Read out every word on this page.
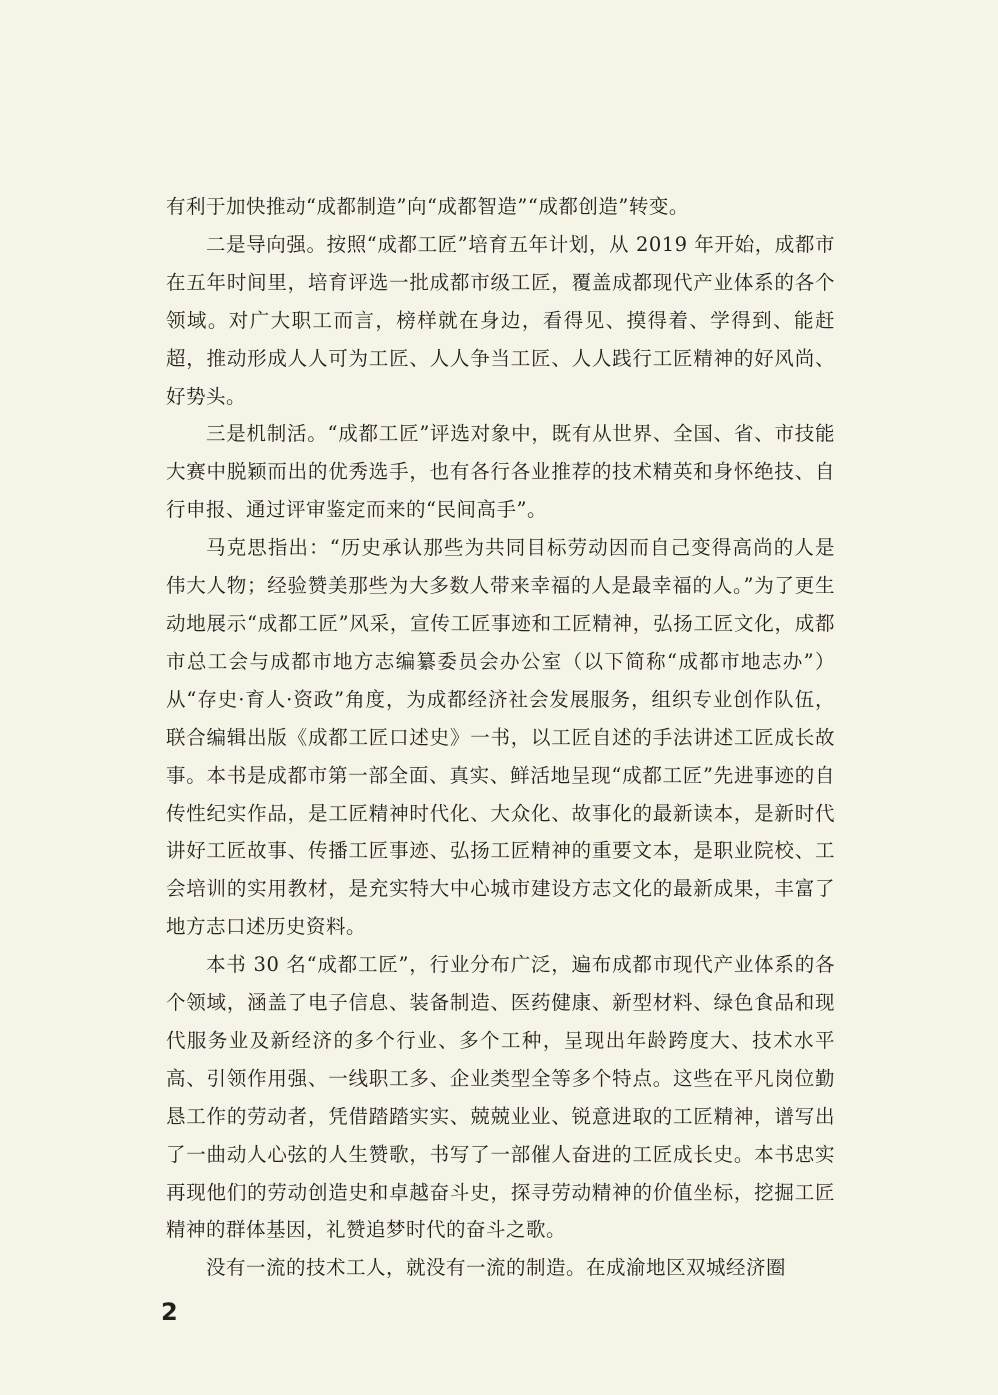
有利于加快推动“成都制造”向“成都智造”“成都创造”转变。

二是导向强。按照“成都工匠”培育五年计划，从 2019 年开始，成都市在五年时间里，培育评选一批成都市级工匠，覆盖成都现代产业体系的各个领域。对广大职工而言，榜样就在身边，看得见、摸得着、学得到、能赶超，推动形成人人可为工匠、人人争当工匠、人人践行工匠精神的好风尚、好势头。

三是机制活。“成都工匠”评选对象中，既有从世界、全国、省、市技能大赛中脱颖而出的优秀选手，也有各行各业推荐的技术精英和身怀绝技、自行申报、通过评审鉴定而来的“民间高手”。

马克思指出：“历史承认那些为共同目标劳动因而自己变得高尚的人是伟大人物；经验赞美那些为大多数人带来幸福的人是最幸福的人。”为了更生动地展示“成都工匠”风采，宣传工匠事迹和工匠精神，弘扬工匠文化，成都市总工会与成都市地方志编纂委员会办公室（以下简称“成都市地志办”）从“存史·育人·资政”角度，为成都经济社会发展服务，组织专业创作队伍，联合编辑出版《成都工匠口述史》一书，以工匠自述的手法讲述工匠成长故事。本书是成都市第一部全面、真实、鲜活地呈现“成都工匠”先进事迹的自传性纪实作品，是工匠精神时代化、大众化、故事化的最新读本，是新时代讲好工匠故事、传播工匠事迹、弘扬工匠精神的重要文本，是职业院校、工会培训的实用教材，是充实特大中心城市建设方志文化的最新成果，丰富了地方志口述历史资料。

本书 30 名“成都工匠”，行业分布广泛，遍布成都市现代产业体系的各个领域，涵盖了电子信息、装备制造、医药健康、新型材料、绿色食品和现代服务业及新经济的多个行业、多个工种，呈现出年龄跨度大、技术水平高、引领作用强、一线职工多、企业类型全等多个特点。这些在平凡岗位勤恳工作的劳动者，凭借踏踏实实、兢兢业业、锐意进取的工匠精神，谱写出了一曲动人心弦的人生赞歌，书写了一部催人奋进的工匠成长史。本书忠实再现他们的劳动创造史和卓越奋斗史，探寻劳动精神的价值坐标，挖掘工匠精神的群体基因，礼赞追梦时代的奋斗之歌。

没有一流的技术工人，就没有一流的制造。在成渝地区双城经济圈

2
